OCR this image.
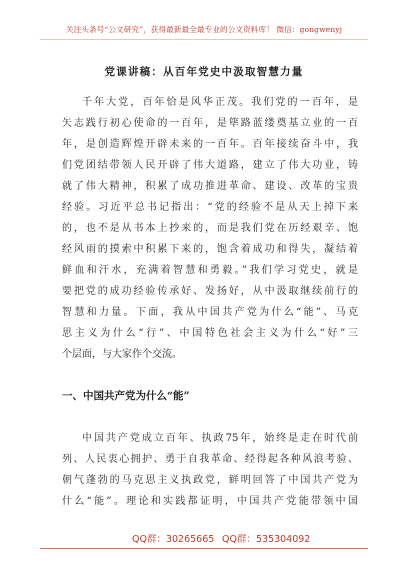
关注头条号“公文研究”，获得最新最全最专业的公文资料库！ 微信：gongwenyj
党课讲稿：从百年党史中汲取智慧力量
千年大党，百年恰是风华正茂。我们党的一百年，是
矢志践行初心使命的一百年，是筚路蓝缕奠基立业的一百
年，是创造辉煌开辟未来的一百年。百年接续奋斗中，我
们党团结带领人民开辟了伟大道路，建立了伟大功业，铸
就了伟大精神，积累了成功推进革命、建设、改革的宝贵
经验。习近平总书记指出：“党的经验不是从天上掉下来
的，也不是从书本上抄来的，而是我们党在历经艰辛、饱
经风雨的摸索中积累下来的，饱含着成功和得失，凝结着
鲜血和汗水，充满着智慧和勇毅。”我们学习党史，就是
要把党的成功经验传承好、发扬好，从中汲取继续前行的
智慧和力量。下面，我从中国共产党为什么“能”、马克
思主义为什么“行”、中国特色社会主义为什么“好”三
个层面，与大家作个交流。
一、中国共产党为什么“能”
中国共产党成立百年、执政75年，始终是走在时代前
列、人民衷心拥护、勇于自我革命、经得起各种风浪考验、
朝气蓬勃的马克思主义执政党，鲜明回答了中国共产党为
什么“能”。理论和实践都证明，中国共产党能带领中国
QQ群：30265665 QQ群：535304092
